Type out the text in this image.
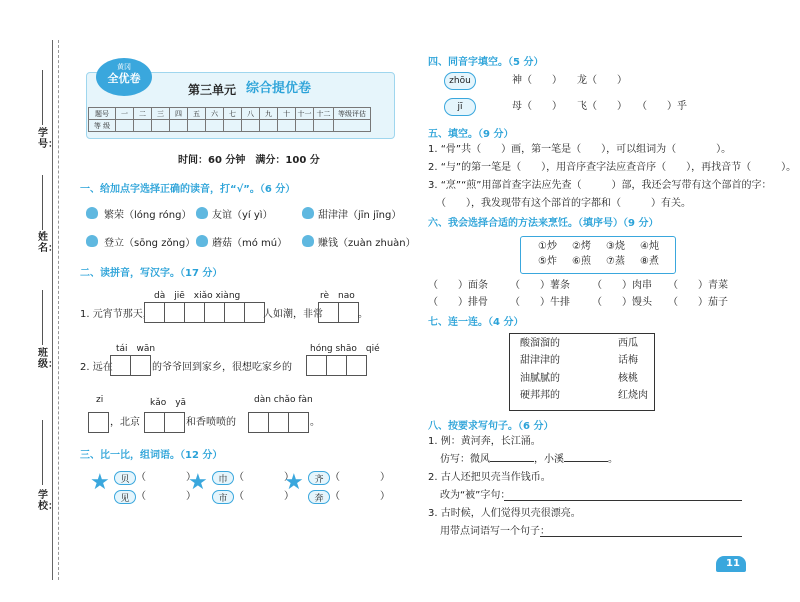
学号：
姓名：
班级：
学校：
黄冈
全优卷
第三单元 综合提优卷
题号	一	二	三	四	五	六	七	八	九	十	十一	十二	等级评估
等 级													
时间：60 分钟　满分：100 分
一、给加点字选择正确的读音，打“√”。（6 分）
繁荣（lóng róng） 友谊（yí yì）	甜津津（jīn jīng）
登立（sōng zǒng） 蘑菇（mó mú）	赚钱（zuàn zhuàn）
二、读拼音，写汉字。（17 分）
dà　jiē　xiǎo xiàng	rè　nao
1. 元宵节那天，	人如潮，非常	。
tái　wān	hóng shāo　qié
2. 远在	的爷爷回到家乡，很想吃家乡的
zi	kǎo　yā	dàn chǎo fàn
，北京	和香喷喷的	。
三、比一比，组词语。（12 分）
★	贝 （　　　　）
见 （　　　　）
★	巾 （　　　　）
市 （　　　　）
★	齐 （　　　　）
奔 （　　　　）
四、同音字填空。（5 分）
zhōu	神（　　）　　龙（　　）
jī	母（　　）　　飞（　　）　　（　　）乎
五、填空。（9 分）
1. “骨”共（　　）画，第一笔是（　　），可以组词为（　　　　）。
2. “与”的第一笔是（　　），用音序查字法应查音序（　　），再找音节（　　　）。
3. “烹”“煎”用部首查字法应先查（　　　）部，我还会写带有这个部首的字：
（　　），我发现带有这个部首的字都和（　　　）有关。
六、我会选择合适的方法来烹饪。（填序号）（9 分）
①炒 ②烤 ③烧 ④炖
⑤炸 ⑥煎 ⑦蒸 ⑧煮
（　　）面条 （　　）薯条 （　　）肉串 （　　）青菜
（　　）排骨 （　　）牛排 （　　）馒头 （　　）茄子
七、连一连。（4 分）
酸溜溜的
甜津津的
油腻腻的
硬邦邦的
西瓜
话梅
核桃
红烧肉
八、按要求写句子。（6 分）
1. 例：黄河奔，长江涌。
仿写：微风	，小溪	。
2. 古人还把贝壳当作钱币。
改为“被”字句：
3. 古时候，人们觉得贝壳很漂亮。
用带点词语写一个句子：
11
